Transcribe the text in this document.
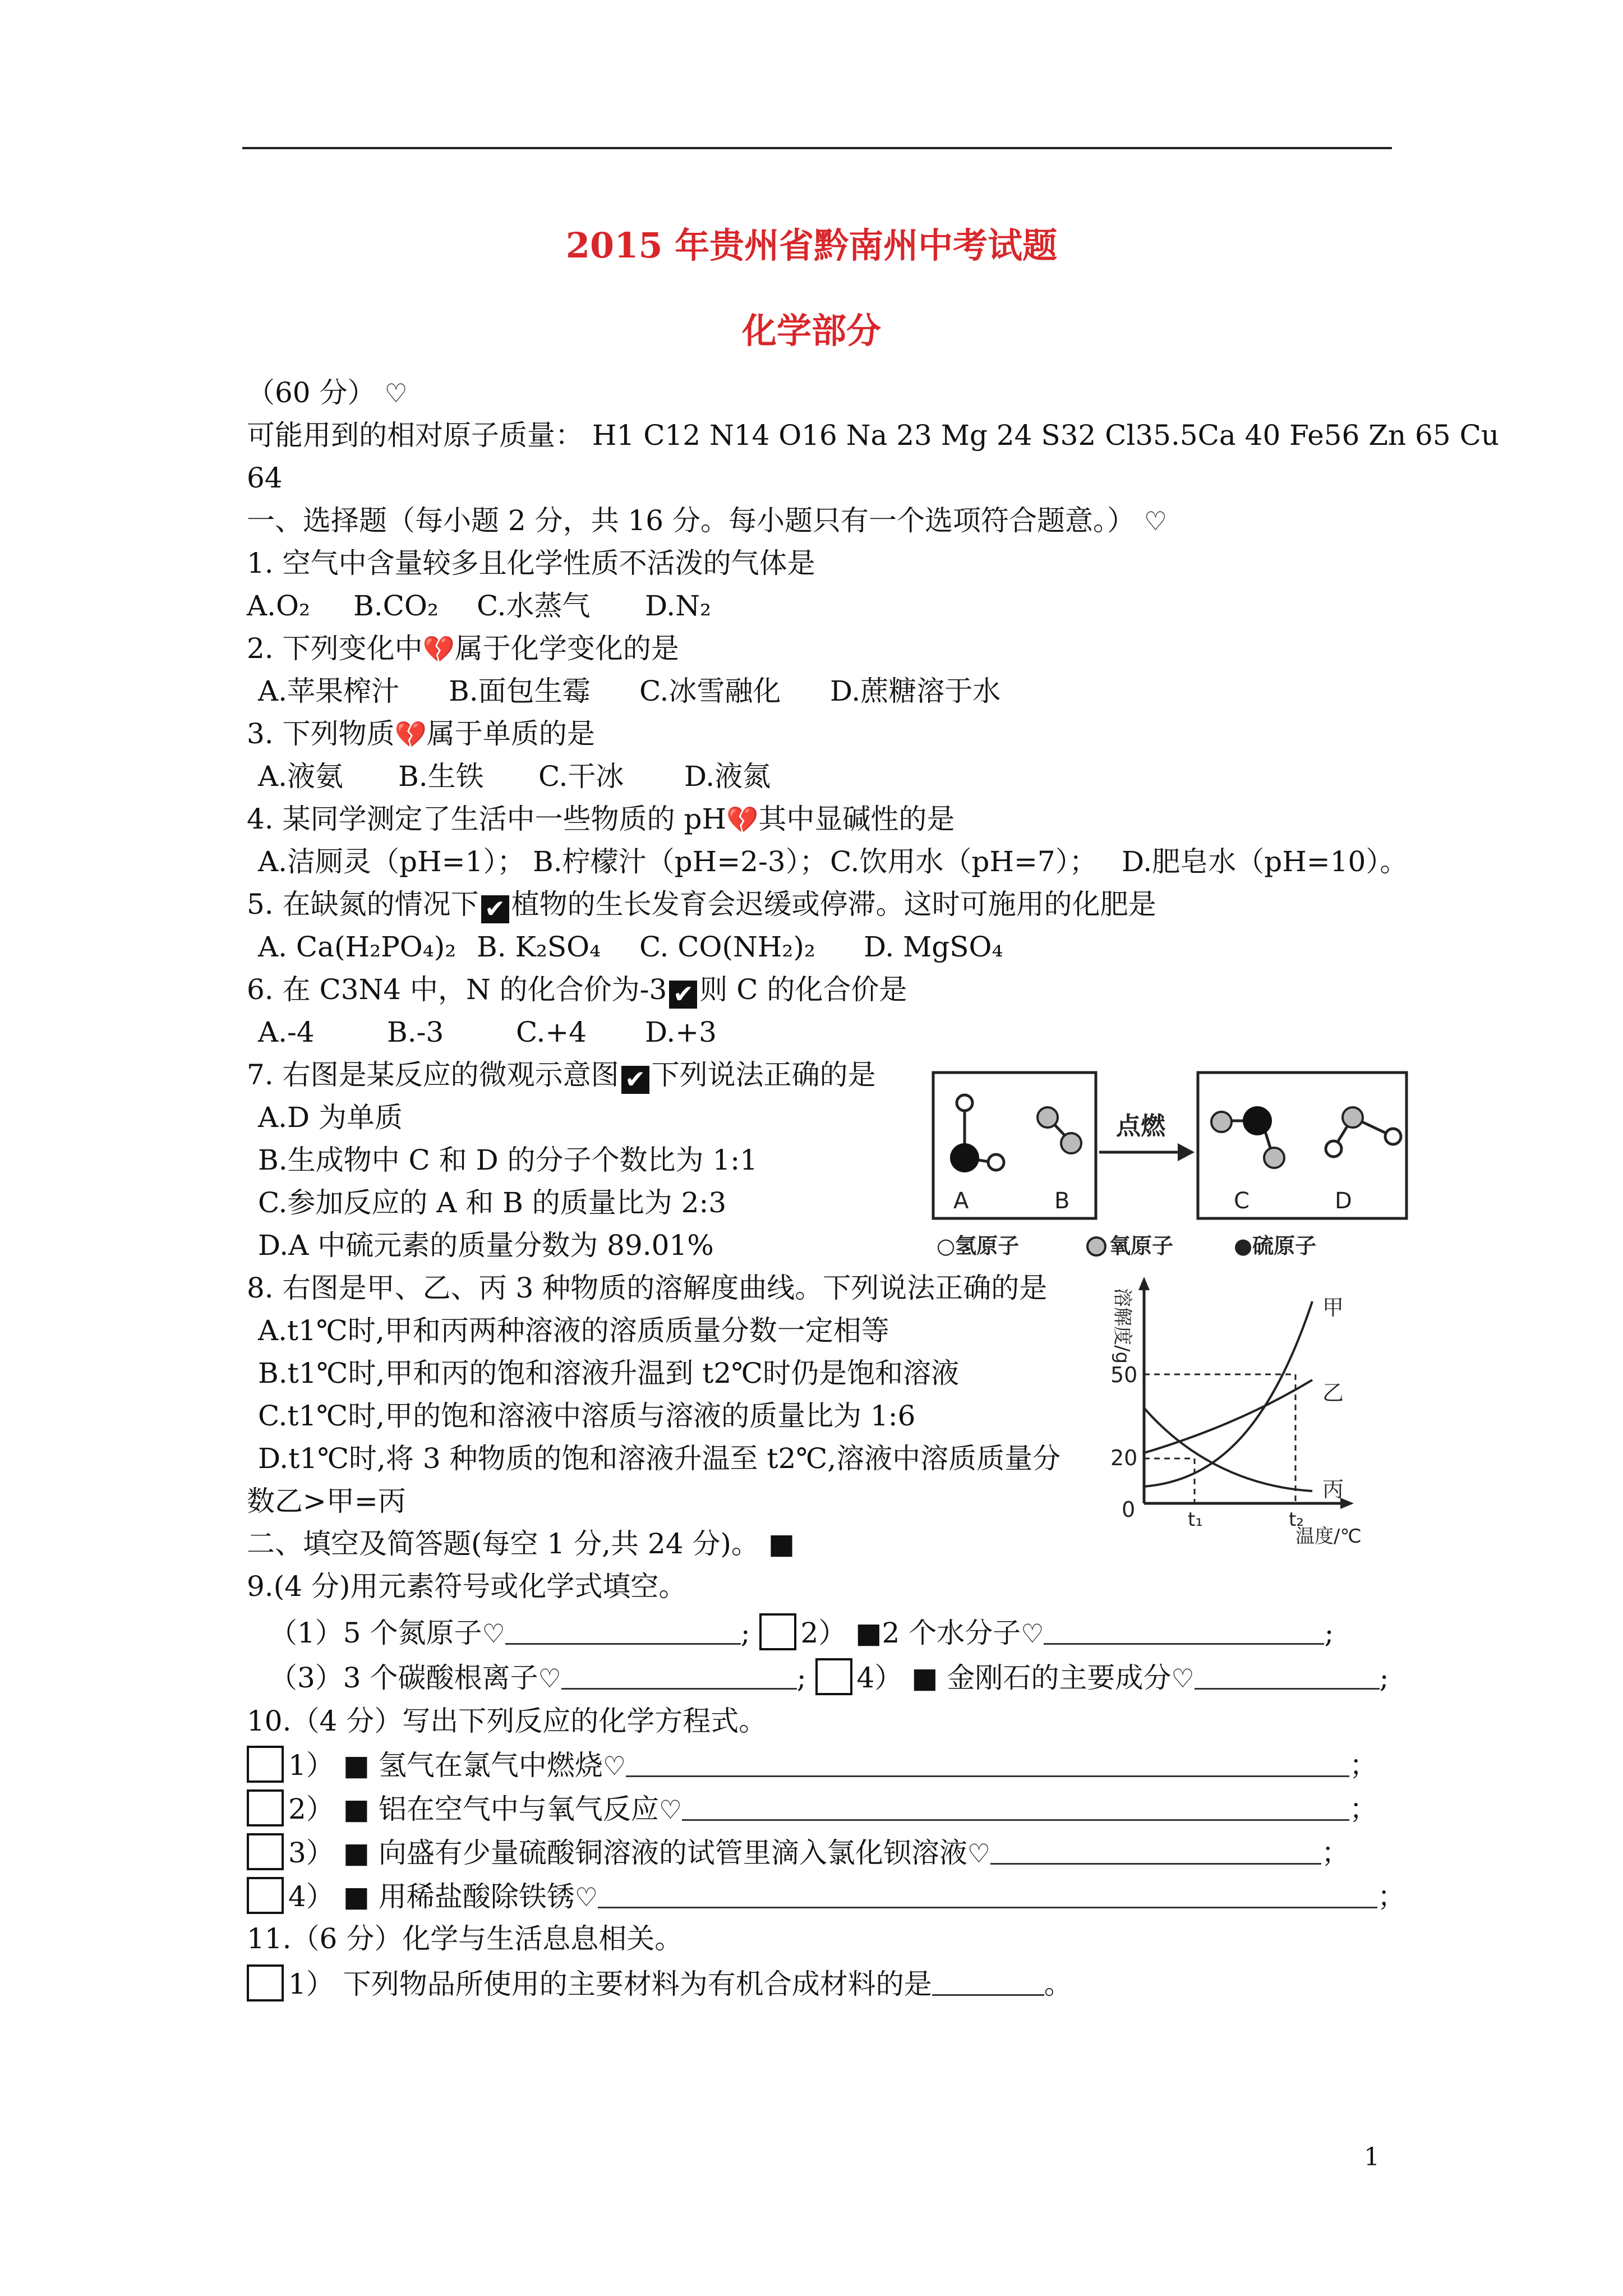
2015 年贵州省黔南州中考试题
化学部分
（60 分） ♡
可能用到的相对原子质量： H1 C12 N14 O16 Na 23 Mg 24 S32 Cl35.5Ca 40 Fe56 Zn 65 Cu
64
一、选择题（每小题 2 分，共 16 分。每小题只有一个选项符合题意。） ♡
1. 空气中含量较多且化学性质不活泼的气体是
A.O₂	B.CO₂	C.水蒸气	D.N₂
2. 下列变化中💔属于化学变化的是
A.苹果榨汁	B.面包生霉	C.冰雪融化	D.蔗糖溶于水
3. 下列物质💔属于单质的是
A.液氨	B.生铁	C.干冰	D.液氮
4. 某同学测定了生活中一些物质的 pH💔其中显碱性的是
A.洁厕灵（pH=1）； B.柠檬汁（pH=2-3）； C.饮用水（pH=7）； D.肥皂水（pH=10）。
5. 在缺氮的情况下 ✔ 植物的生长发育会迟缓或停滞。这时可施用的化肥是
A. Ca(H₂PO₄)₂ B. K₂SO₄	C. CO(NH₂)₂	D. MgSO₄
6. 在 C3N4 中，N 的化合价为-3 ✔ 则 C 的化合价是
A.-4	B.-3	C.+4	D.+3
7. 右图是某反应的微观示意图 ✔ 下列说法正确的是
A.D 为单质
B.生成物中 C 和 D 的分子个数比为 1:1
C.参加反应的 A 和 B 的质量比为 2:3
D.A 中硫元素的质量分数为 89.01%
A	B
点燃
C	D
○氢原子	氧原子	●硫原子
8. 右图是甲、乙、丙 3 种物质的溶解度曲线。下列说法正确的是
A.t1℃时,甲和丙两种溶液的溶质质量分数一定相等
B.t1℃时,甲和丙的饱和溶液升温到 t2℃时仍是饱和溶液
C.t1℃时,甲的饱和溶液中溶质与溶液的质量比为 1:6
D.t1℃时,将 3 种物质的饱和溶液升温至 t2℃,溶液中溶质质量分
数乙>甲=丙
溶解度/g
50
20
0	t₁	t₂
温度/℃
甲
乙
丙
二、填空及简答题(每空 1 分,共 24 分)。 ■
9.(4 分)用元素符号或化学式填空。
（1）5 个氮原子♡	; 2） ■2 个水分子♡	;
（3）3 个碳酸根离子♡	; 4） ■ 金刚石的主要成分♡	;
10.（4 分）写出下列反应的化学方程式。
1） ■ 氢气在氯气中燃烧♡	；
2） ■ 铝在空气中与氧气反应♡	；
3） ■ 向盛有少量硫酸铜溶液的试管里滴入氯化钡溶液♡	；
4） ■ 用稀盐酸除铁锈♡	；
11.（6 分）化学与生活息息相关。
1） 下列物品所使用的主要材料为有机合成材料的是	。
1
